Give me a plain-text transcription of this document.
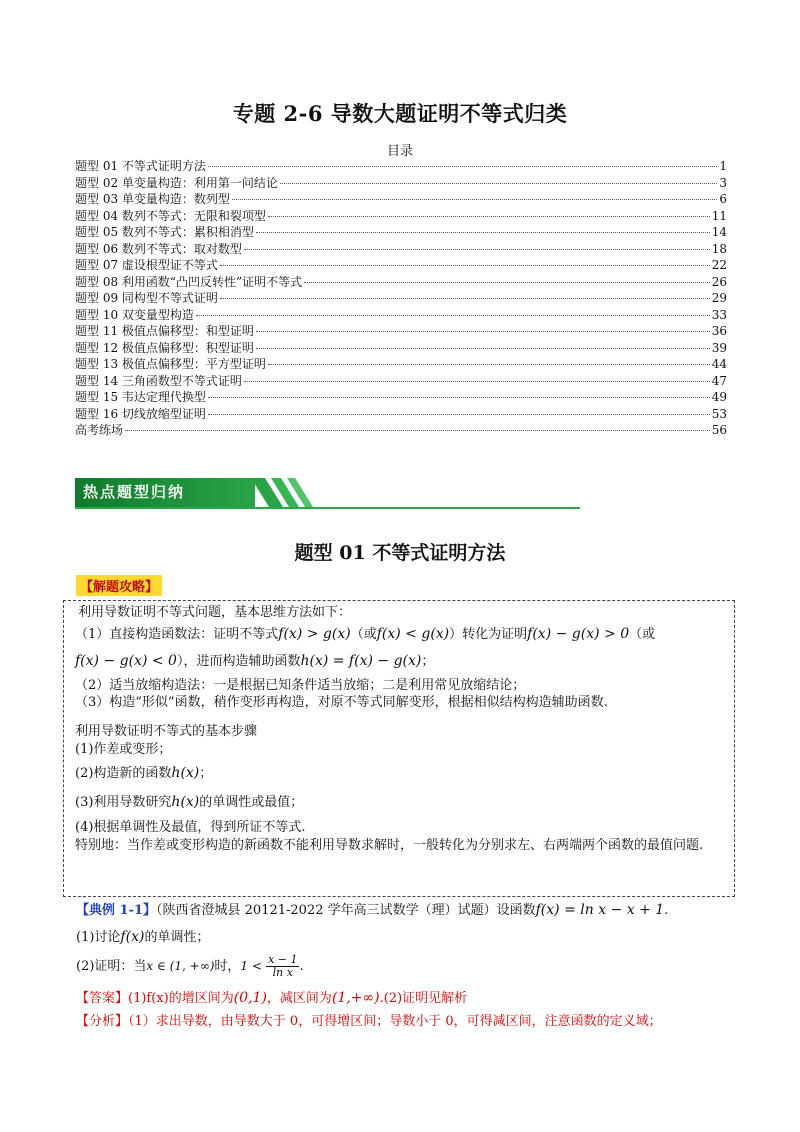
专题 2-6 导数大题证明不等式归类
目录
题型 01 不等式证明方法	1
题型 02 单变量构造：利用第一问结论	3
题型 03 单变量构造：数列型	6
题型 04 数列不等式：无限和裂项型	11
题型 05 数列不等式：累积相消型	14
题型 06 数列不等式：取对数型	18
题型 07 虚设根型证不等式	22
题型 08 利用函数“凸凹反转性”证明不等式	26
题型 09 同构型不等式证明	29
题型 10 双变量型构造	33
题型 11 极值点偏移型：和型证明	36
题型 12 极值点偏移型：积型证明	39
题型 13 极值点偏移型：平方型证明	44
题型 14 三角函数型不等式证明	47
题型 15 韦达定理代换型	49
题型 16 切线放缩型证明	53
高考练场	56
热点题型归纳
题型 01 不等式证明方法
【解题攻略】
利用导数证明不等式问题，基本思维方法如下：
（1）直接构造函数法：证明不等式f(x) > g(x)（或f(x) < g(x)）转化为证明f(x) − g(x) > 0（或
f(x) − g(x) < 0），进而构造辅助函数h(x) = f(x) − g(x)；
（2）适当放缩构造法：一是根据已知条件适当放缩；二是利用常见放缩结论；
（3）构造“形似”函数，稍作变形再构造，对原不等式同解变形，根据相似结构构造辅助函数.
利用导数证明不等式的基本步骤
(1)作差或变形；
(2)构造新的函数h(x)；
(3)利用导数研究h(x)的单调性或最值；
(4)根据单调性及最值，得到所证不等式.
特别地：当作差或变形构造的新函数不能利用导数求解时，一般转化为分别求左、右两端两个函数的最值问题.
【典例 1-1】（陕西省澄城县 20121-2022 学年高三试数学（理）试题）设函数f(x) = ln x − x + 1.
(1)讨论f(x)的单调性；
(2)证明：当x ∈ (1, +∞)时，$1 < \frac{x - 1}{\text{ln x}}$ .
【答案】(1)f(x)的增区间为(0,1)，减区间为(1,+∞).(2)证明见解析
【分析】（1）求出导数，由导数大于 0，可得增区间；导数小于 0，可得减区间，注意函数的定义域；
